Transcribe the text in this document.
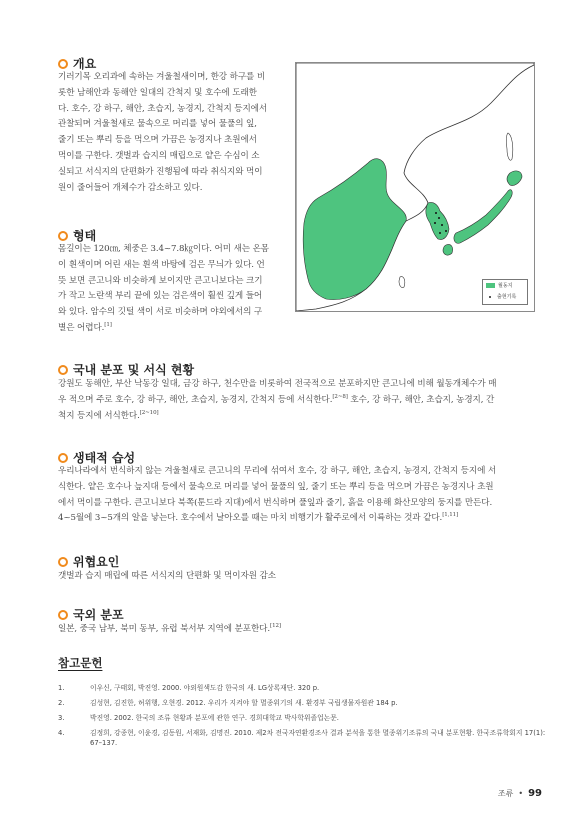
개요
기러기목 오리과에 속하는 겨울철새이며, 한강 하구를 비
롯한 남해안과 동해안 일대의 간척지 및 호수에 도래한
다. 호수, 강 하구, 해안, 초습지, 농경지, 간척지 등지에서
관찰되며 겨울철새로 물속으로 머리를 넣어 물풀의 잎,
줄기 또는 뿌리 등을 먹으며 가끔은 농경지나 초원에서
먹이를 구한다. 갯벌과 습지의 매립으로 얕은 수심이 소
실되고 서식지의 단편화가 진행됨에 따라 취식지와 먹이
원이 줄어들어 개체수가 감소하고 있다.
형태
몸길이는 120㎝, 체중은 3.4~7.8㎏이다. 어미 새는 온몸
이 흰색이며 어린 새는 흰색 바탕에 검은 무늬가 있다. 언
뜻 보면 큰고니와 비슷하게 보이지만 큰고니보다는 크기
가 작고 노란색 부리 끝에 있는 검은색이 훨씬 깊게 들어
와 있다. 암수의 깃털 색이 서로 비슷하며 야외에서의 구
별은 어렵다.[1]
월동지
출현기록
국내 분포 및 서식 현황
강원도 동해안, 부산 낙동강 일대, 금강 하구, 천수만을 비롯하여 전국적으로 분포하지만 큰고니에 비해 월동개체수가 매
우 적으며 주로 호수, 강 하구, 해안, 초습지, 농경지, 간척지 등에 서식한다.[2~8] 호수, 강 하구, 해안, 초습지, 농경지, 간
척지 등지에 서식한다.[2~10]
생태적 습성
우리나라에서 번식하지 않는 겨울철새로 큰고니의 무리에 섞여서 호수, 강 하구, 해안, 초습지, 농경지, 간척지 등지에 서
식한다. 얕은 호수나 늪지대 등에서 물속으로 머리를 넣어 물풀의 잎, 줄기 또는 뿌리 등을 먹으며 가끔은 농경지나 초원
에서 먹이를 구한다. 큰고니보다 북쪽(툰드라 지대)에서 번식하며 풀잎과 줄기, 흙을 이용해 화산모양의 둥지를 만든다.
4~5월에 3~5개의 알을 낳는다. 호수에서 날아오를 때는 마치 비행기가 활주로에서 이륙하는 것과 같다.[1,11]
위협요인
갯벌과 습지 매립에 따른 서식지의 단편화 및 먹이자원 감소
국외 분포
일본, 중국 남부, 북미 동부, 유럽 북서부 지역에 분포한다.[12]
참고문헌
1.	이우신, 구태회, 박진영. 2000. 야외원색도감 한국의 새. LG상록재단. 320 p.
2.	김성현, 김진한, 허위행, 오현경. 2012. 우리가 지켜야 할 멸종위기의 새. 환경부 국립생물자원관 184 p.
3.	박진영. 2002. 한국의 조류 현황과 분포에 관한 연구. 경희대학교 박사학위졸업논문.
4.	김정희, 강종현, 이윤경, 김동원, 서재화, 김명진. 2010. 제2차 전국자연환경조사 결과 분석을 통한 멸종위기조류의 국내 분포현황. 한국조류학회지 17(1): 67–137.
조류 • 99
